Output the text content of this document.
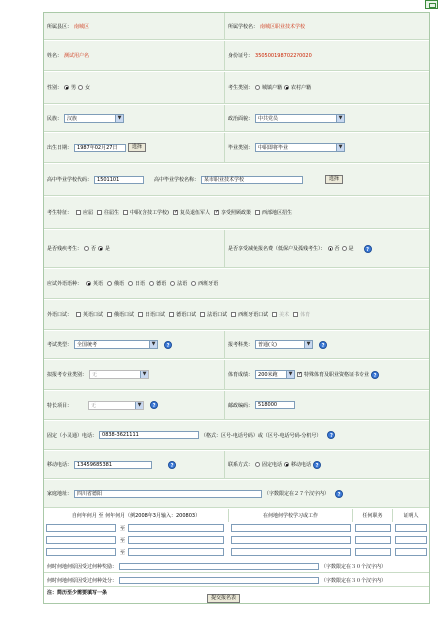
所属县区： 南城区	所属学校名： 南城区职业技术学校
姓名： 测试用户名	身份证号： 3505001987022?0020
性别： 男 女	考生类别： 城镇户籍 农村户籍
民族： 汉族	▼	政治面貌： 中共党员	▼
出生日期：	1987年02月27日	选择	毕业类别： 中职即将毕业	▼
高中毕业学校代码：	1501101	高中毕业学校名称：	某市职业技术学校	选择
考生特征： 应届 往届生 中职(含技工学校) ✓ 复员退伍军人 ✓ 享受照顾政策 西部地区招生
是否残疾考生： 否 是	是否享受减免报名费（低保户及孤残考生）： 否 是	?
应试外语语种： 英语 俄语 日语 德语 法语 西班牙语
外语口试： 英语口试 俄语口试 日语口试 德语口试 法语口试 西班牙语口试 美术 体育
考试类型： 全国统考	▼	?	报考科类： 普通(文)	▼	?
拟报考专业类别： 无	▼	体育成绩： 200米跑	▼ ✓	特殊体育及职业资格证书专业 ?
特长项目：	无	▼	?	邮政编码：	518000
固定（小灵通）电话：	0838-3621111	（格式：区号-电话号码）或（区号-电话号码-分机号）	?
移动电话：	13459685381	?	联系方式： 固定电话 移动电话 ?
家庭地址：	四川省德阳	（字数限定在２７个汉字内）	?
自何年何月 至 何年何月（例2008年3月输入：200803）	在何地何学校学习或工作	任何职务	证明人
至
至
至
何时何地何原因受过何种奖励：	（字数限定在３０个汉字内）
何时何地何原因受过何种处分：	（字数限定在３０个汉字内）
注：简历至少需要填写一条
提交报名表
